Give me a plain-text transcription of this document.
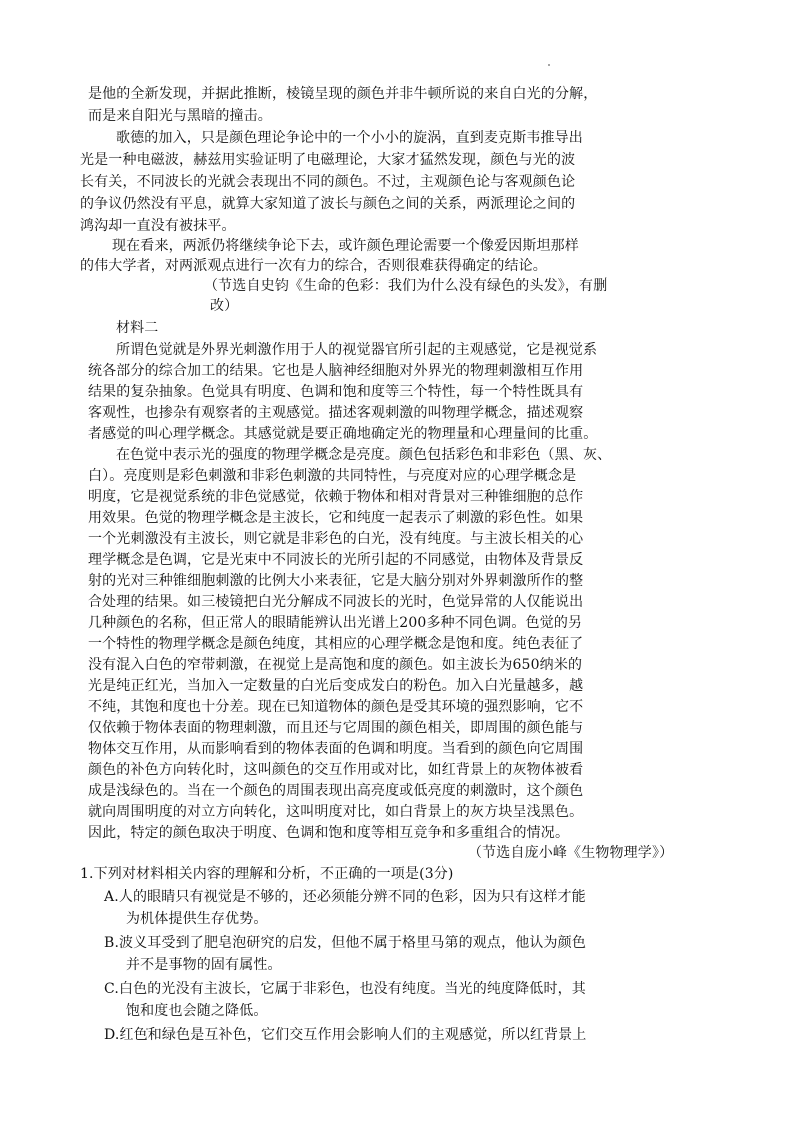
是他的全新发现，并据此推断，棱镜呈现的颜色并非牛顿所说的来自白光的分解，
而是来自阳光与黑暗的撞击。
歌德的加入，只是颜色理论争论中的一个小小的旋涡，直到麦克斯韦推导出
光是一种电磁波，赫兹用实验证明了电磁理论，大家才猛然发现，颜色与光的波
长有关，不同波长的光就会表现出不同的颜色。不过，主观颜色论与客观颜色论
的争议仍然没有平息，就算大家知道了波长与颜色之间的关系，两派理论之间的
鸿沟却一直没有被抹平。
现在看来，两派仍将继续争论下去，或许颜色理论需要一个像爱因斯坦那样
的伟大学者，对两派观点进行一次有力的综合，否则很难获得确定的结论。
（节选自史钧《生命的色彩：我们为什么没有绿色的头发》，有删
改）
材料二
所谓色觉就是外界光刺激作用于人的视觉器官所引起的主观感觉，它是视觉系
统各部分的综合加工的结果。它也是人脑神经细胞对外界光的物理刺激相互作用
结果的复杂抽象。色觉具有明度、色调和饱和度等三个特性，每一个特性既具有
客观性，也掺杂有观察者的主观感觉。描述客观刺激的叫物理学概念，描述观察
者感觉的叫心理学概念。其感觉就是要正确地确定光的物理量和心理量间的比重。
在色觉中表示光的强度的物理学概念是亮度。颜色包括彩色和非彩色（黑、灰、
白）。亮度则是彩色刺激和非彩色刺激的共同特性，与亮度对应的心理学概念是
明度，它是视觉系统的非色觉感觉，依赖于物体和相对背景对三种锥细胞的总作
用效果。色觉的物理学概念是主波长，它和纯度一起表示了刺激的彩色性。如果
一个光刺激没有主波长，则它就是非彩色的白光，没有纯度。与主波长相关的心
理学概念是色调，它是光束中不同波长的光所引起的不同感觉，由物体及背景反
射的光对三种锥细胞刺激的比例大小来表征，它是大脑分别对外界刺激所作的整
合处理的结果。如三棱镜把白光分解成不同波长的光时，色觉异常的人仅能说出
几种颜色的名称，但正常人的眼睛能辨认出光谱上200多种不同色调。色觉的另
一个特性的物理学概念是颜色纯度，其相应的心理学概念是饱和度。纯色表征了
没有混入白色的窄带刺激，在视觉上是高饱和度的颜色。如主波长为650纳米的
光是纯正红光，当加入一定数量的白光后变成发白的粉色。加入白光量越多，越
不纯，其饱和度也十分差。现在已知道物体的颜色是受其环境的强烈影响，它不
仅依赖于物体表面的物理刺激，而且还与它周围的颜色相关，即周围的颜色能与
物体交互作用，从而影响看到的物体表面的色调和明度。当看到的颜色向它周围
颜色的补色方向转化时，这叫颜色的交互作用或对比，如红背景上的灰物体被看
成是浅绿色的。当在一个颜色的周围表现出高亮度或低亮度的刺激时，这个颜色
就向周围明度的对立方向转化，这叫明度对比，如白背景上的灰方块呈浅黑色。
因此，特定的颜色取决于明度、色调和饱和度等相互竞争和多重组合的情况。
（节选自庞小峰《生物物理学》）
1.下列对材料相关内容的理解和分析，不正确的一项是(3分)
A.人的眼睛只有视觉是不够的，还必须能分辨不同的色彩，因为只有这样才能
为机体提供生存优势。
B.波义耳受到了肥皂泡研究的启发，但他不属于格里马第的观点，他认为颜色
并不是事物的固有属性。
C.白色的光没有主波长，它属于非彩色，也没有纯度。当光的纯度降低时，其
饱和度也会随之降低。
D.红色和绿色是互补色，它们交互作用会影响人们的主观感觉，所以红背景上
